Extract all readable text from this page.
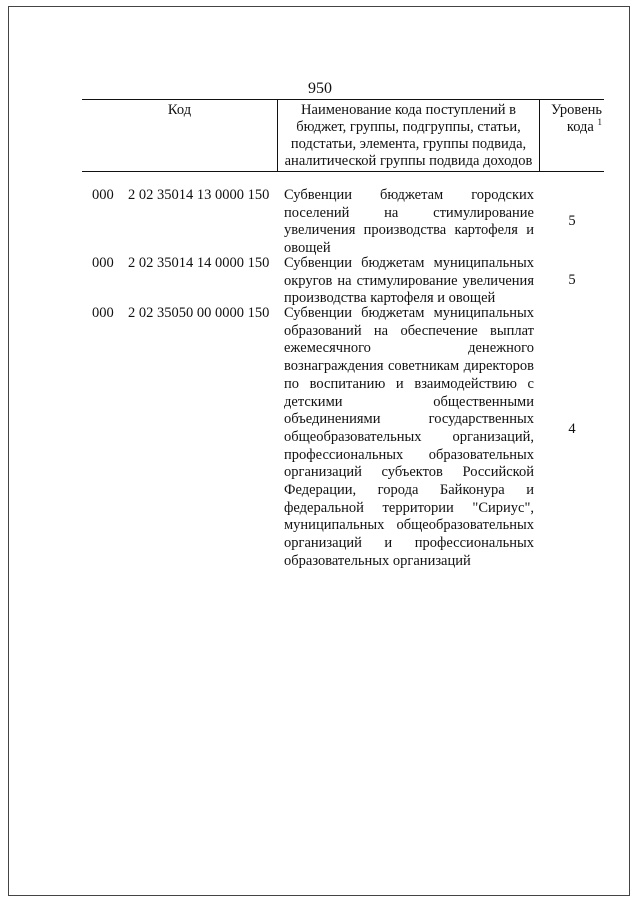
950
Код	Наименование кода поступлений в бюджет, группы, подгруппы, статьи, подстатьи, элемента, группы подвида, аналитической группы подвида доходов
Уровень кода $^1$
000 2 02 35014 13 0000 150 Субвенции бюджетам городских поселений на стимулирование увеличения производства картофеля и овощей
5
000 2 02 35014 14 0000 150 Субвенции бюджетам муниципальных округов на стимулирование увеличения производства картофеля и овощей
5
000 2 02 35050 00 0000 150 Субвенции бюджетам муниципальных образований на обеспечение выплат ежемесячного денежного вознаграждения советникам директоров по воспитанию и взаимодействию с детскими общественными объединениями государственных общеобразовательных организаций, профессиональных образовательных организаций субъектов Российской Федерации, города Байконура и федеральной территории "Сириус", муниципальных общеобразовательных организаций и профессиональных образовательных организаций
4
